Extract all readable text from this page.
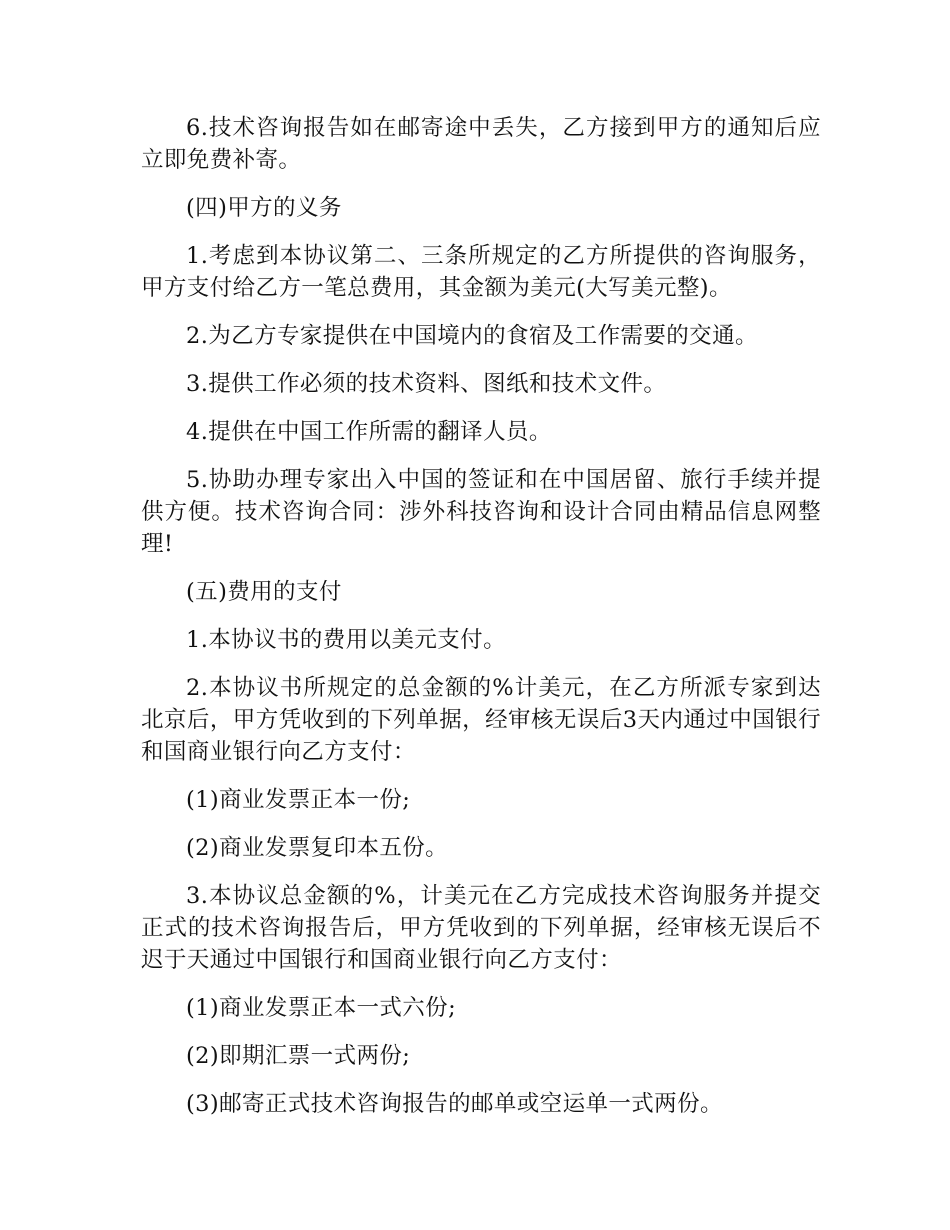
6.技术咨询报告如在邮寄途中丢失，乙方接到甲方的通知后应立即免费补寄。

(四)甲方的义务

1.考虑到本协议第二、三条所规定的乙方所提供的咨询服务，甲方支付给乙方一笔总费用，其金额为美元(大写美元整)。

2.为乙方专家提供在中国境内的食宿及工作需要的交通。

3.提供工作必须的技术资料、图纸和技术文件。

4.提供在中国工作所需的翻译人员。

5.协助办理专家出入中国的签证和在中国居留、旅行手续并提供方便。技术咨询合同：涉外科技咨询和设计合同由精品信息网整理!

(五)费用的支付

1.本协议书的费用以美元支付。

2.本协议书所规定的总金额的%计美元，在乙方所派专家到达北京后，甲方凭收到的下列单据，经审核无误后3天内通过中国银行和国商业银行向乙方支付：

(1)商业发票正本一份;

(2)商业发票复印本五份。

3.本协议总金额的%，计美元在乙方完成技术咨询服务并提交正式的技术咨询报告后，甲方凭收到的下列单据，经审核无误后不迟于天通过中国银行和国商业银行向乙方支付：

(1)商业发票正本一式六份;

(2)即期汇票一式两份;

(3)邮寄正式技术咨询报告的邮单或空运单一式两份。
